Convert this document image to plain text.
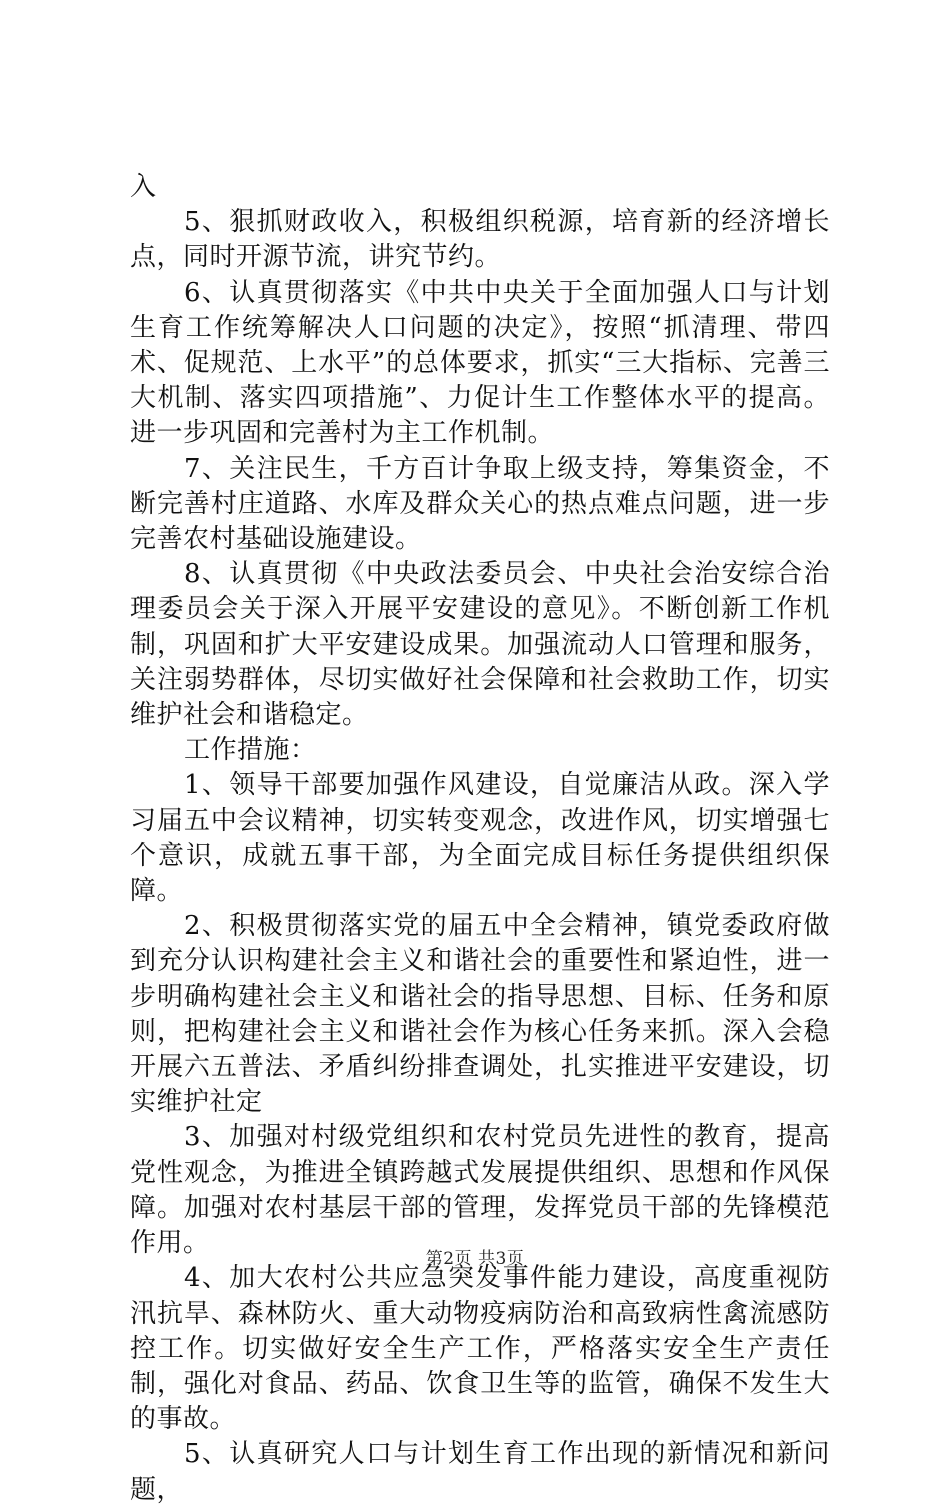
入

5、狠抓财政收入，积极组织税源，培育新的经济增长点，同时开源节流，讲究节约。

6、认真贯彻落实《中共中央关于全面加强人口与计划生育工作统筹解决人口问题的决定》，按照“抓清理、带四术、促规范、上水平”的总体要求，抓实“三大指标、完善三大机制、落实四项措施”、力促计生工作整体水平的提高。进一步巩固和完善村为主工作机制。

7、关注民生，千方百计争取上级支持，筹集资金，不断完善村庄道路、水库及群众关心的热点难点问题，进一步完善农村基础设施建设。

8、认真贯彻《中央政法委员会、中央社会治安综合治理委员会关于深入开展平安建设的意见》。不断创新工作机制，巩固和扩大平安建设成果。加强流动人口管理和服务，关注弱势群体，尽切实做好社会保障和社会救助工作，切实维护社会和谐稳定。

工作措施：

1、领导干部要加强作风建设，自觉廉洁从政。深入学习届五中会议精神，切实转变观念，改进作风，切实增强七个意识，成就五事干部，为全面完成目标任务提供组织保障。

2、积极贯彻落实党的届五中全会精神，镇党委政府做到充分认识构建社会主义和谐社会的重要性和紧迫性，进一步明确构建社会主义和谐社会的指导思想、目标、任务和原则，把构建社会主义和谐社会作为核心任务来抓。深入会稳开展六五普法、矛盾纠纷排查调处，扎实推进平安建设，切实维护社定

3、加强对村级党组织和农村党员先进性的教育，提高党性观念，为推进全镇跨越式发展提供组织、思想和作风保障。加强对农村基层干部的管理，发挥党员干部的先锋模范作用。

4、加大农村公共应急突发事件能力建设，高度重视防汛抗旱、森林防火、重大动物疫病防治和高致病性禽流感防控工作。切实做好安全生产工作，严格落实安全生产责任制，强化对食品、药品、饮食卫生等的监管，确保不发生大的事故。

5、认真研究人口与计划生育工作出现的新情况和新问题，

第2页 共3页
